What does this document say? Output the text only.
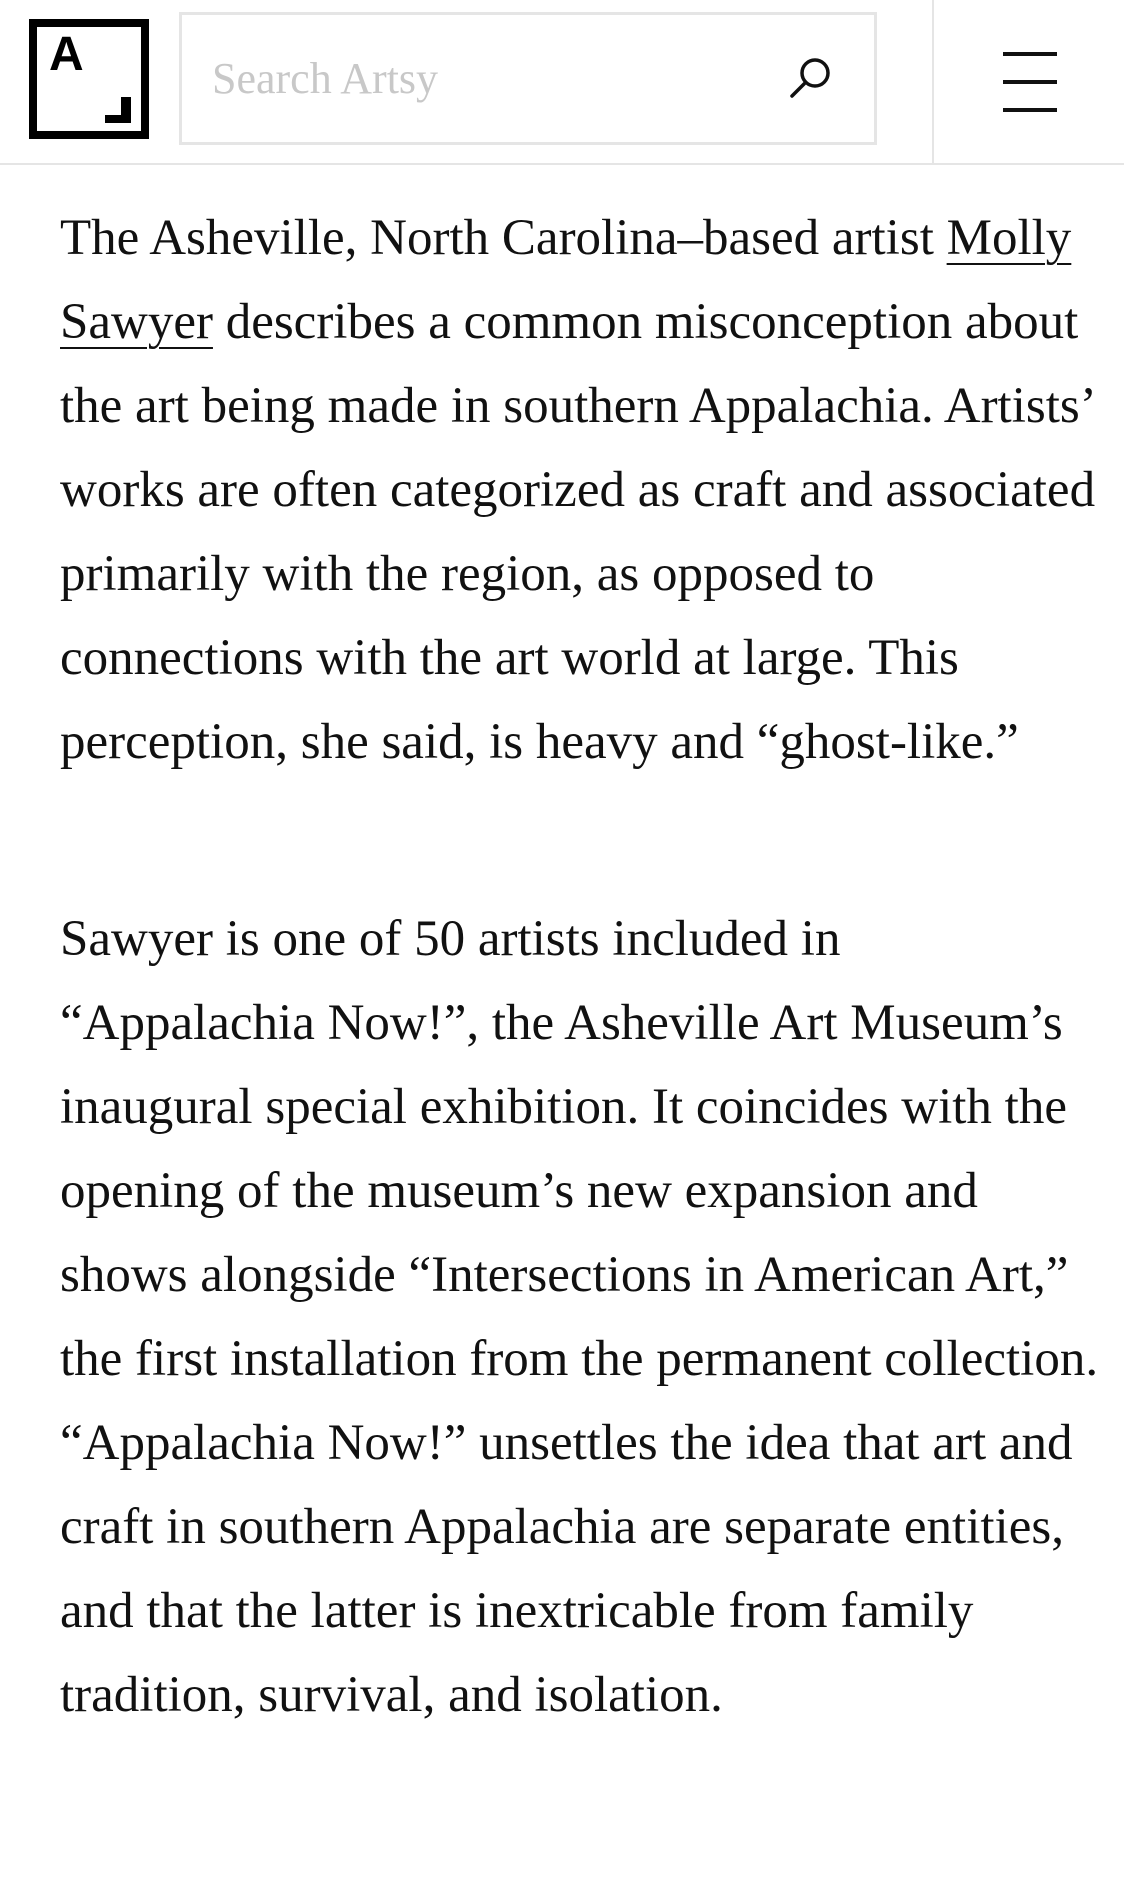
A
Search Artsy

The Asheville, North Carolina–based artist Molly Sawyer describes a common misconception about the art being made in southern Appalachia. Artists’ works are often categorized as craft and associated primarily with the region, as opposed to connections with the art world at large. This perception, she said, is heavy and “ghost-like.”

Sawyer is one of 50 artists included in “Appalachia Now!”, the Asheville Art Museum’s inaugural special exhibition. It coincides with the opening of the museum’s new expansion and shows alongside “Intersections in American Art,” the first installation from the permanent collection. “Appalachia Now!” unsettles the idea that art and craft in southern Appalachia are separate entities, and that the latter is inextricable from family tradition, survival, and isolation.
